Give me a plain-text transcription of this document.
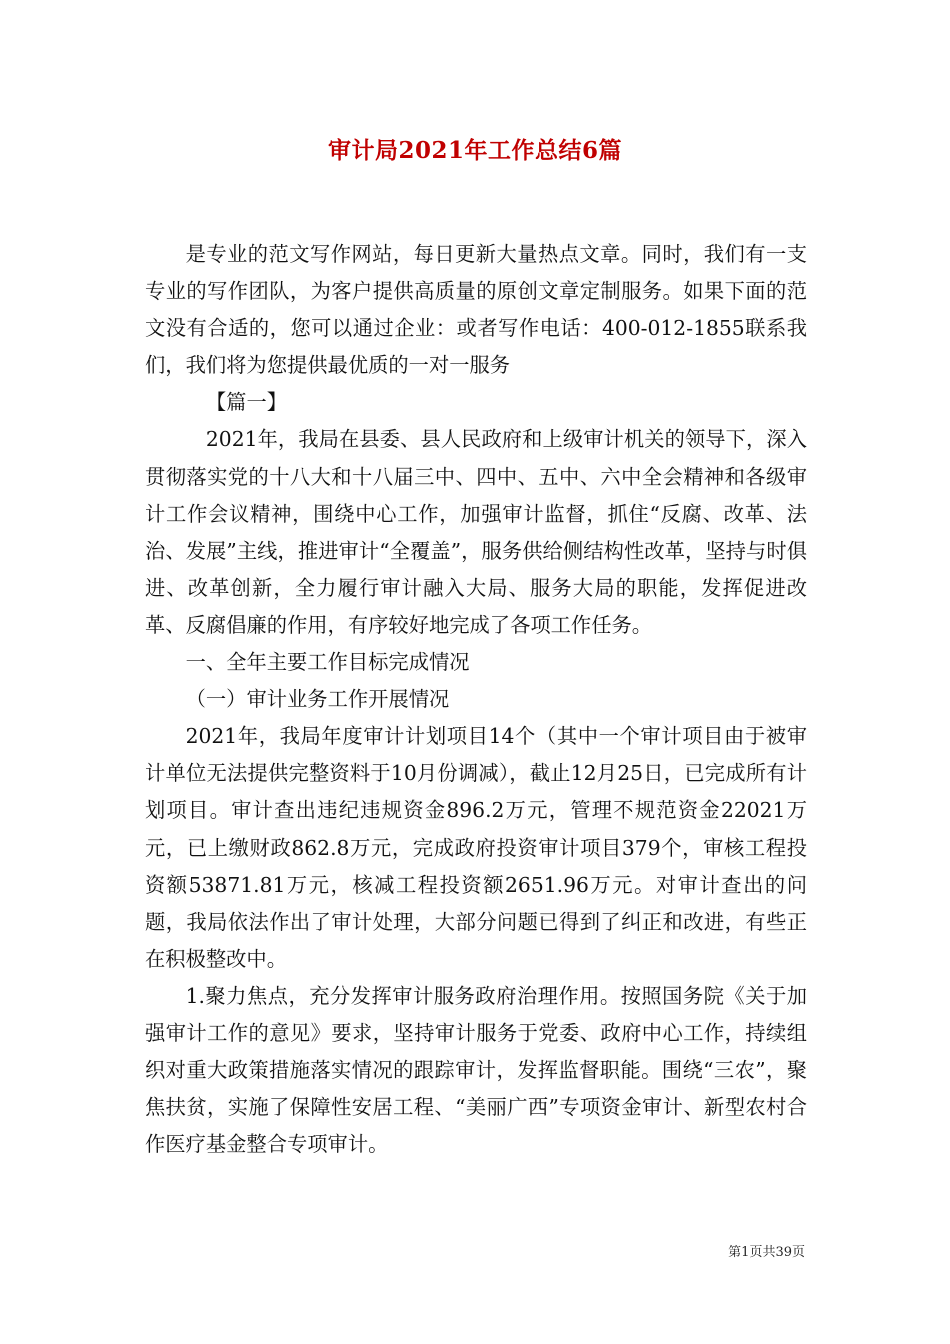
审计局2021年工作总结6篇

是专业的范文写作网站，每日更新大量热点文章。同时，我们有一支专业的写作团队，为客户提供高质量的原创文章定制服务。如果下面的范文没有合适的，您可以通过企业：或者写作电话：400-012-1855联系我们，我们将为您提供最优质的一对一服务

【篇一】

2021年，我局在县委、县人民政府和上级审计机关的领导下，深入贯彻落实党的十八大和十八届三中、四中、五中、六中全会精神和各级审计工作会议精神，围绕中心工作，加强审计监督，抓住“反腐、改革、法治、发展”主线，推进审计“全覆盖”，服务供给侧结构性改革，坚持与时俱进、改革创新，全力履行审计融入大局、服务大局的职能，发挥促进改革、反腐倡廉的作用，有序较好地完成了各项工作任务。

一、全年主要工作目标完成情况

（一）审计业务工作开展情况

2021年，我局年度审计计划项目14个（其中一个审计项目由于被审计单位无法提供完整资料于10月份调减），截止12月25日，已完成所有计划项目。审计查出违纪违规资金896.2万元，管理不规范资金22021万元，已上缴财政862.8万元，完成政府投资审计项目379个，审核工程投资额53871.81万元，核减工程投资额2651.96万元。对审计查出的问题，我局依法作出了审计处理，大部分问题已得到了纠正和改进，有些正在积极整改中。

1.聚力焦点，充分发挥审计服务政府治理作用。按照国务院《关于加强审计工作的意见》要求，坚持审计服务于党委、政府中心工作，持续组织对重大政策措施落实情况的跟踪审计，发挥监督职能。围绕“三农”，聚焦扶贫，实施了保障性安居工程、“美丽广西”专项资金审计、新型农村合作医疗基金整合专项审计。

第1页共39页
